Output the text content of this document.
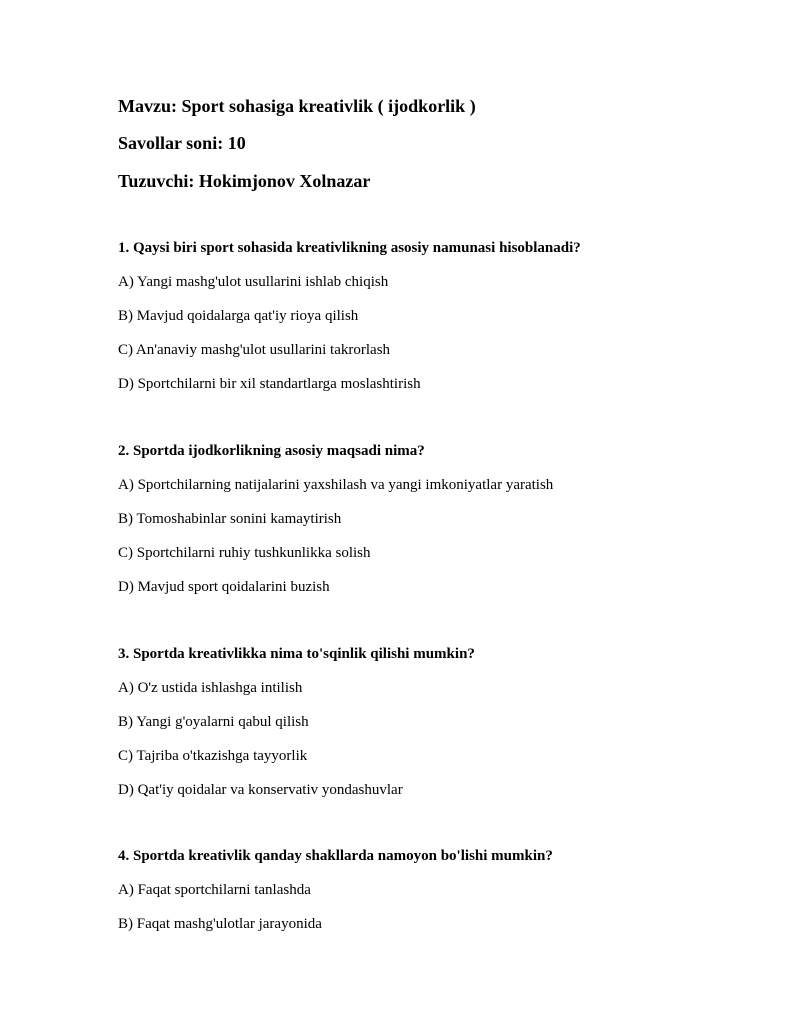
Mavzu: Sport sohasiga kreativlik ( ijodkorlik )
Savollar soni: 10
Tuzuvchi: Hokimjonov Xolnazar

1. Qaysi biri sport sohasida kreativlikning asosiy namunasi hisoblanadi?

A) Yangi mashg'ulot usullarini ishlab chiqish
B) Mavjud qoidalarga qat'iy rioya qilish
C) An'anaviy mashg'ulot usullarini takrorlash
D) Sportchilarni bir xil standartlarga moslashtirish

2. Sportda ijodkorlikning asosiy maqsadi nima?

A) Sportchilarning natijalarini yaxshilash va yangi imkoniyatlar yaratish
B) Tomoshabinlar sonini kamaytirish
C) Sportchilarni ruhiy tushkunlikka solish
D) Mavjud sport qoidalarini buzish

3. Sportda kreativlikka nima to'sqinlik qilishi mumkin?

A) O'z ustida ishlashga intilish
B) Yangi g'oyalarni qabul qilish
C) Tajriba o'tkazishga tayyorlik
D) Qat'iy qoidalar va konservativ yondashuvlar

4. Sportda kreativlik qanday shakllarda namoyon bo'lishi mumkin?

A) Faqat sportchilarni tanlashda
B) Faqat mashg'ulotlar jarayonida
